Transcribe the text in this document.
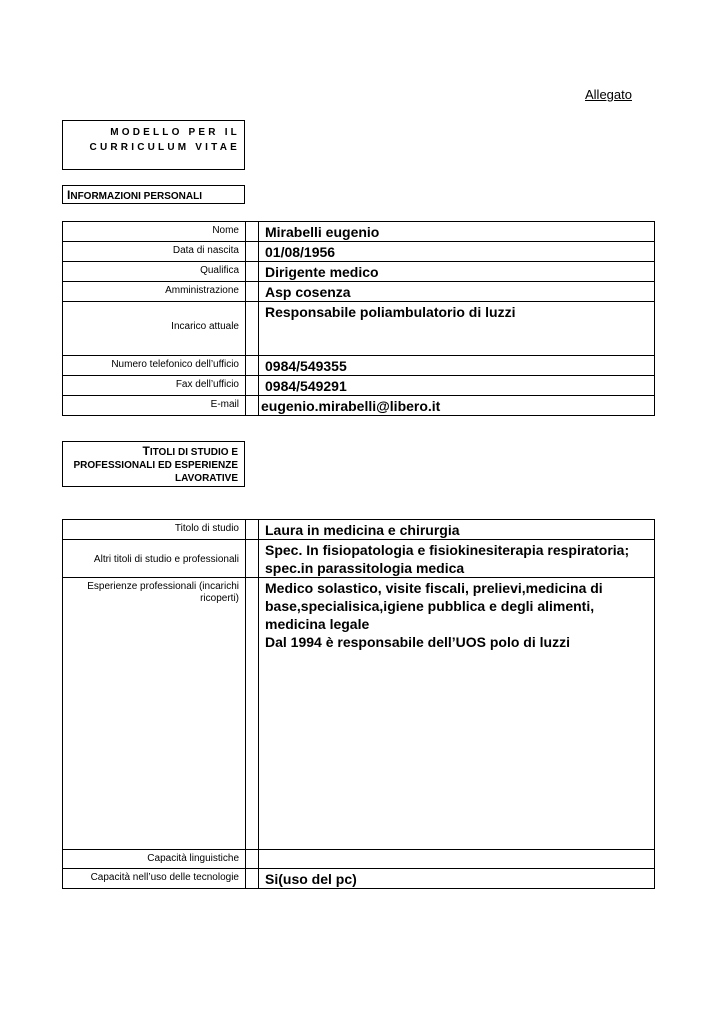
Allegato
MODELLO PER IL
CURRICULUM VITAE
INFORMAZIONI PERSONALI
Nome		Mirabelli eugenio
Data di nascita		01/08/1956
Qualifica		Dirigente medico
Amministrazione		Asp cosenza
Incarico attuale		Responsabile poliambulatorio di luzzi
Numero telefonico dell’ufficio		0984/549355
Fax dell’ufficio		0984/549291
E-mail		eugenio.mirabelli@libero.it
TITOLI DI STUDIO E
PROFESSIONALI ED ESPERIENZE
LAVORATIVE
Titolo di studio		Laura in medicina e chirurgia
Altri titoli di studio e professionali		Spec. In fisiopatologia e fisiokinesiterapia respiratoria; spec.in parassitologia medica
Esperienze professionali (incarichi ricoperti)		Medico solastico, visite fiscali, prelievi,medicina di base,specialisica,igiene pubblica e degli alimenti, medicina legale
Dal 1994 è responsabile dell’UOS polo di luzzi
Capacità linguistiche		
Capacità nell’uso delle tecnologie		Si(uso del pc)
